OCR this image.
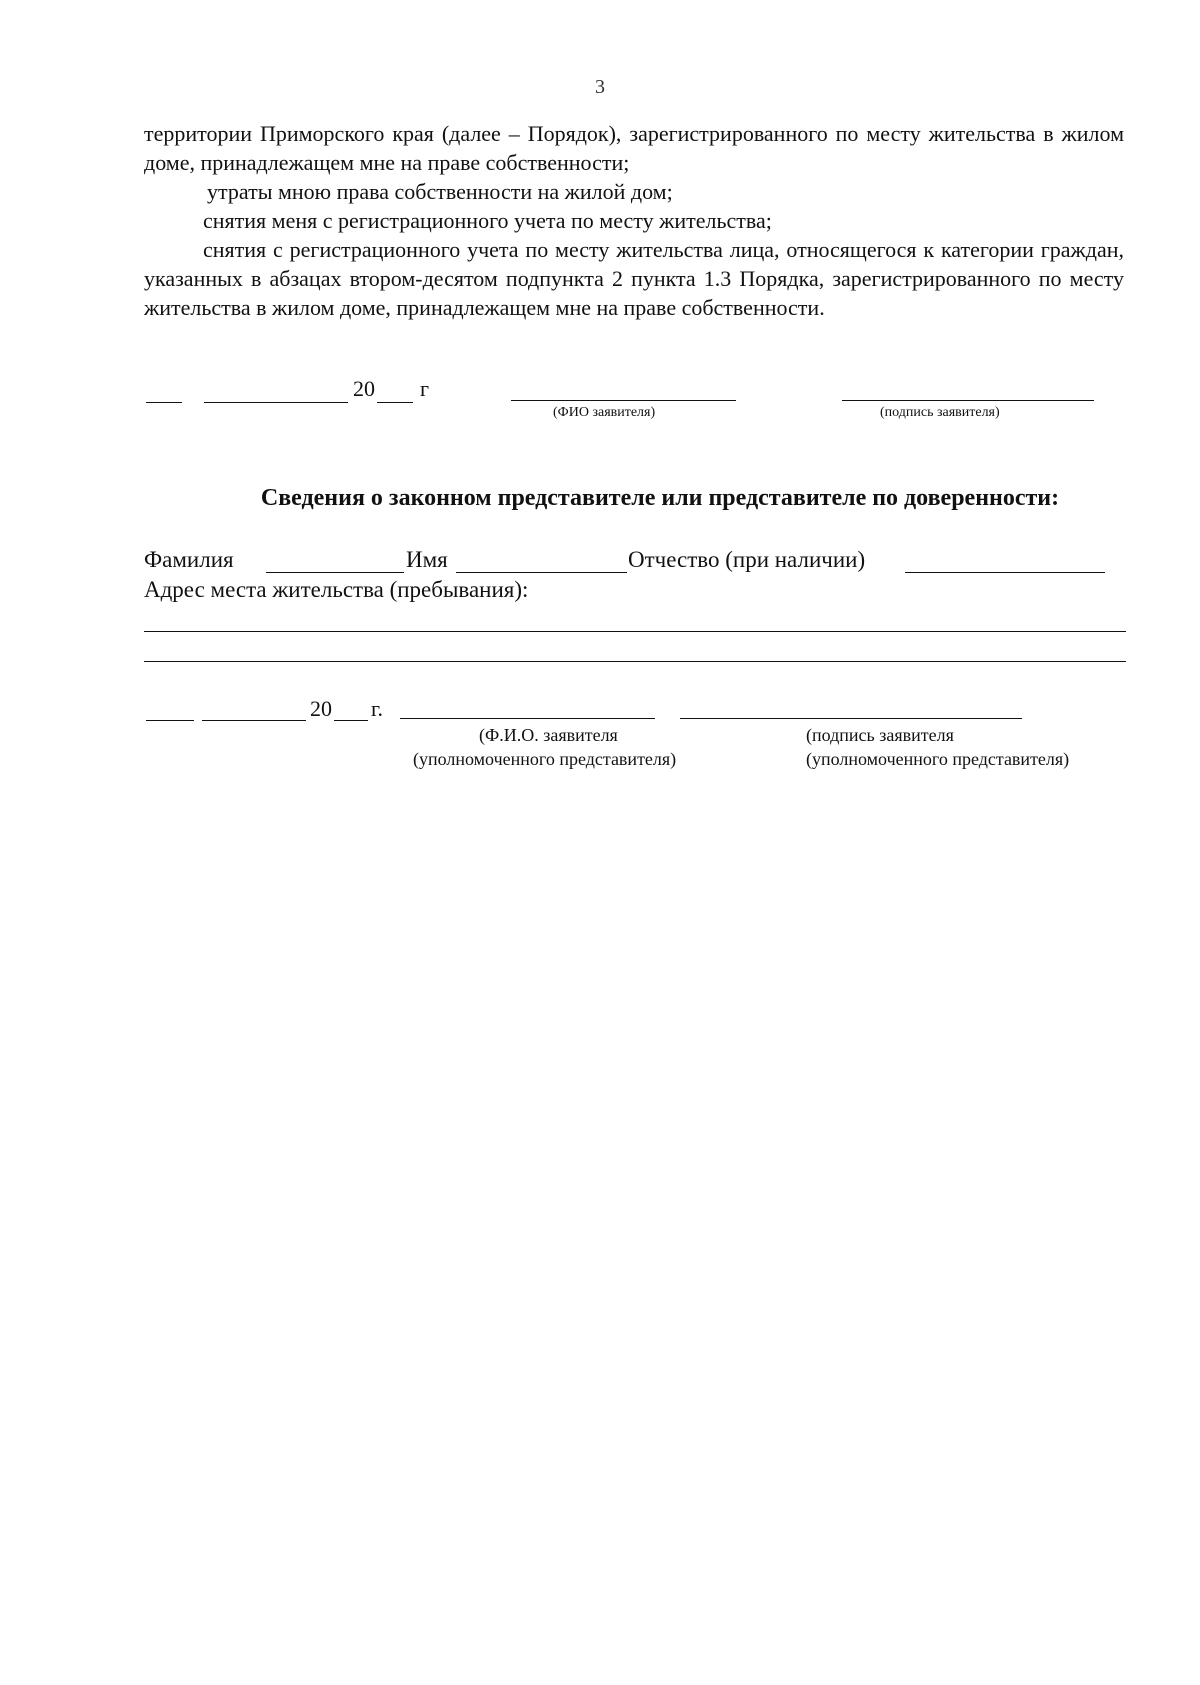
3

территории Приморского края (далее – Порядок), зарегистрированного по месту жительства в жилом доме, принадлежащем мне на праве собственности;

утраты мною права собственности на жилой дом;

снятия меня с регистрационного учета по месту жительства;

снятия с регистрационного учета по месту жительства лица, относящегося к категории граждан, указанных в абзацах втором-десятом подпункта 2 пункта 1.3 Порядка, зарегистрированного по месту жительства в жилом доме, принадлежащем мне на праве собственности.

20 г
(ФИО заявителя)	(подпись заявителя)
Сведения о законном представителе или представителе по доверенности:
Фамилия	Имя	Отчество (при наличии)
Адрес места жительства (пребывания):
20 г.
(Ф.И.О. заявителя
(уполномоченного представителя)
(подпись заявителя
(уполномоченного представителя)
